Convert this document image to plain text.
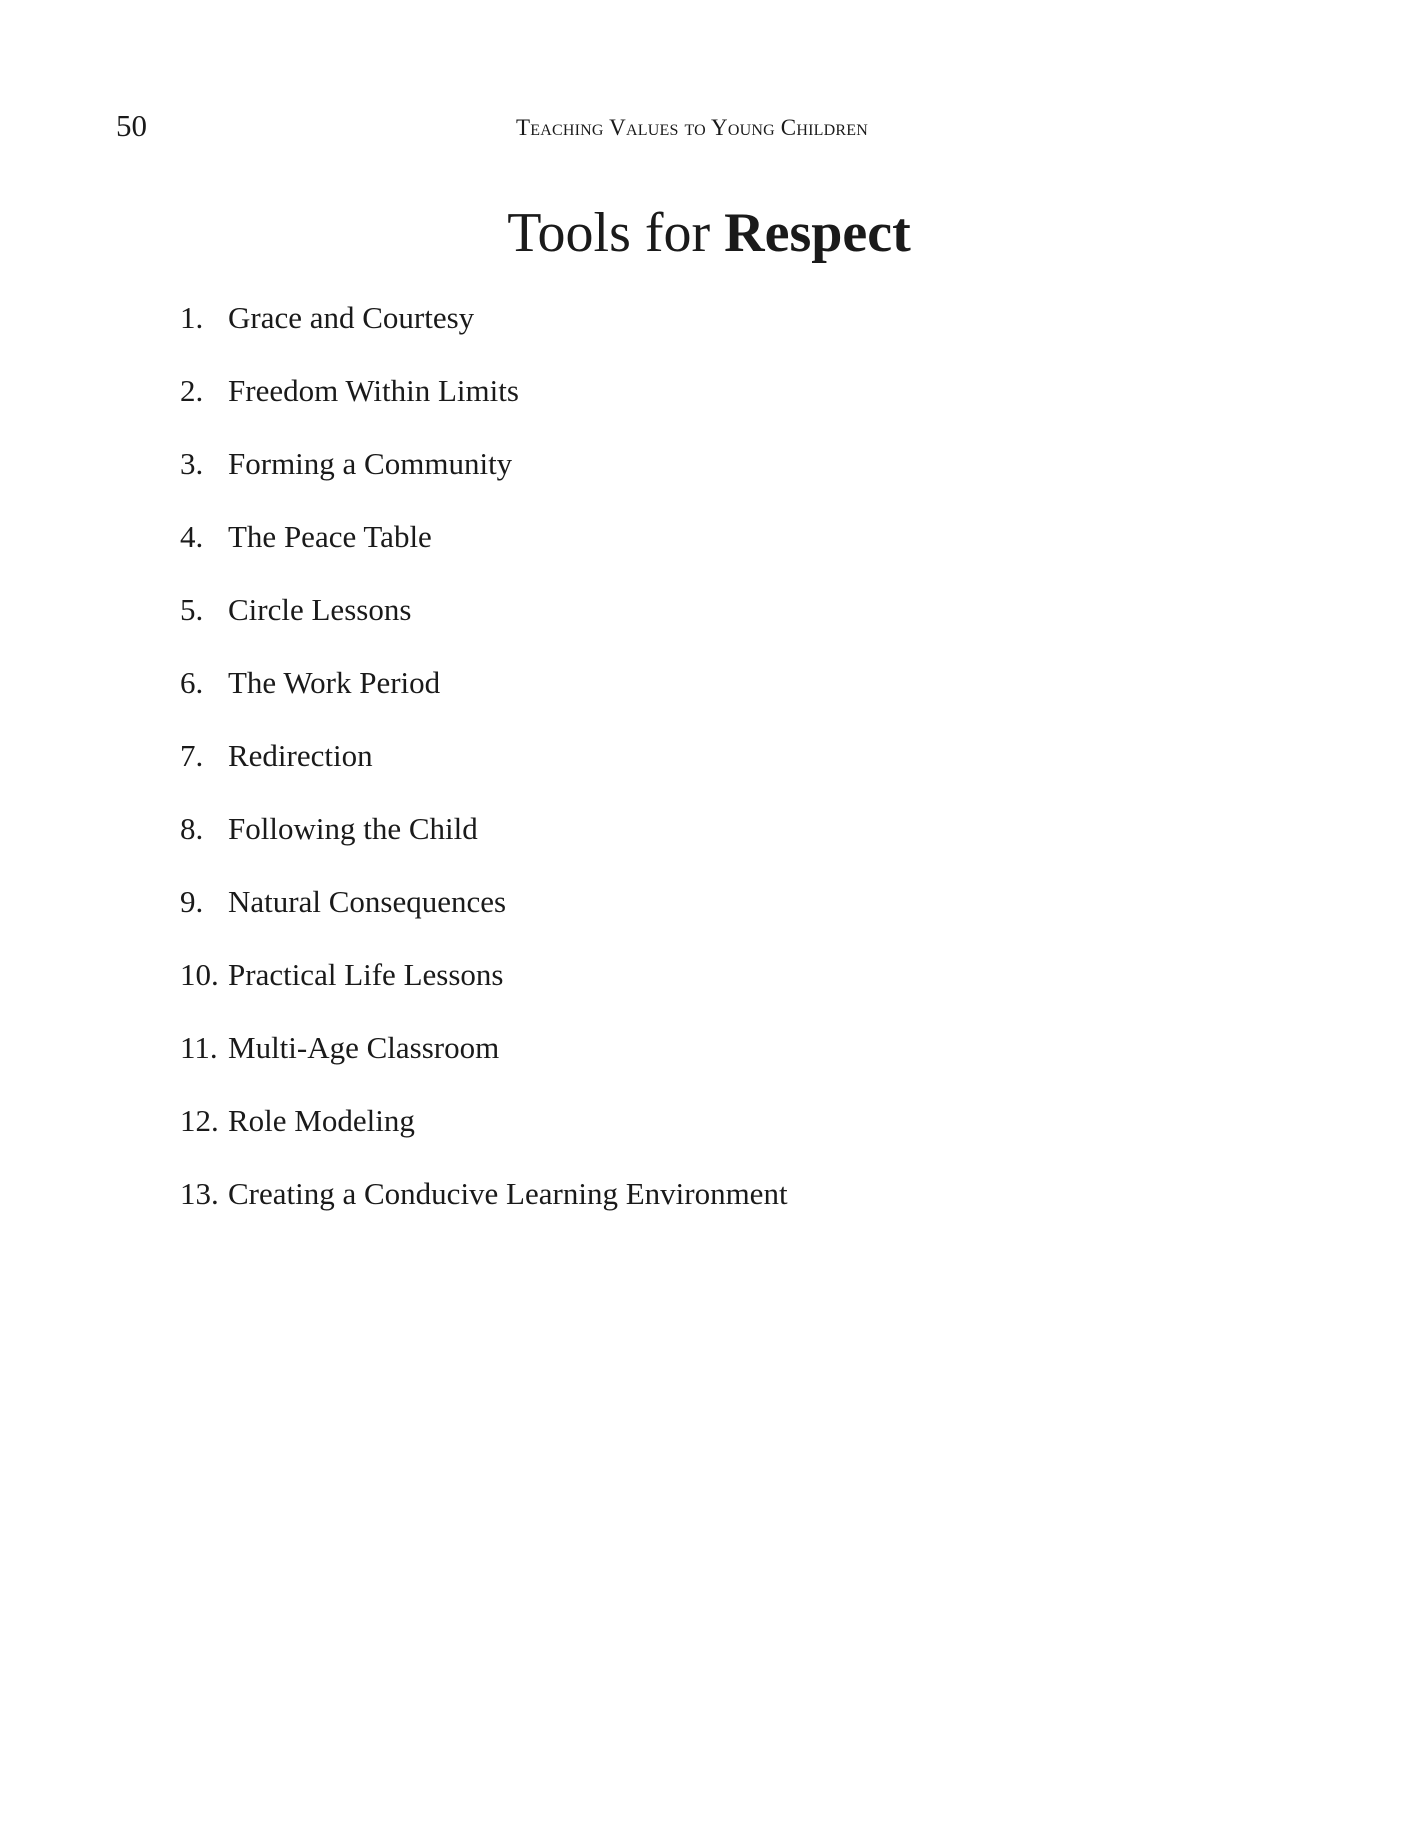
50	Teaching Values to Young Children
Tools for Respect
1. Grace and Courtesy
2. Freedom Within Limits
3. Forming a Community
4. The Peace Table
5. Circle Lessons
6. The Work Period
7. Redirection
8. Following the Child
9. Natural Consequences
10. Practical Life Lessons
11. Multi-Age Classroom
12. Role Modeling
13. Creating a Conducive Learning Environment
